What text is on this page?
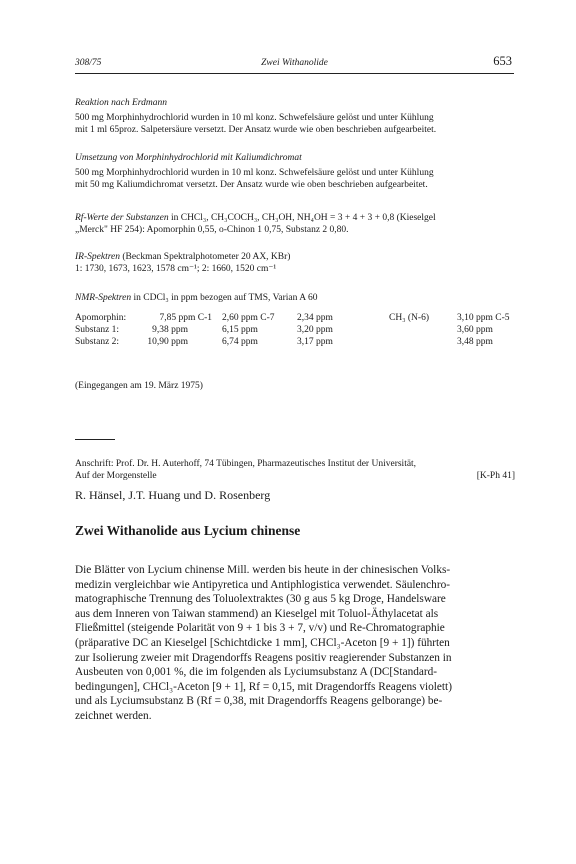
308/75	Zwei Withanolide	653
Reaktion nach Erdmann
500 mg Morphinhydrochlorid wurden in 10 ml konz. Schwefelsäure gelöst und unter Kühlung
mit 1 ml 65proz. Salpetersäure versetzt. Der Ansatz wurde wie oben beschrieben aufgearbeitet.
Umsetzung von Morphinhydrochlorid mit Kaliumdichromat
500 mg Morphinhydrochlorid wurden in 10 ml konz. Schwefelsäure gelöst und unter Kühlung
mit 50 mg Kaliumdichromat versetzt. Der Ansatz wurde wie oben beschrieben aufgearbeitet.
Rf-Werte der Substanzen in CHCl₃, CH₃COCH₃, CH₃OH, NH₄OH = 3 + 4 + 3 + 0,8 (Kieselgel
„Merck" HF 254): Apomorphin 0,55, o-Chinon 1 0,75, Substanz 2 0,80.
IR-Spektren (Beckman Spektralphotometer 20 AX, KBr)
1: 1730, 1673, 1623, 1578 cm⁻¹; 2: 1660, 1520 cm⁻¹
NMR-Spektren in CDCl₃ in ppm bezogen auf TMS, Varian A 60
Apomorphin:	7,85 ppm C-1	2,60 ppm C-7	2,34 ppm	CH₃ (N-6)	3,10 ppm C-5
Substanz 1:	9,38 ppm	6,15 ppm	3,20 ppm		3,60 ppm
Substanz 2:	10,90 ppm	6,74 ppm	3,17 ppm		3,48 ppm
(Eingegangen am 19. März 1975)
Anschrift: Prof. Dr. H. Auterhoff, 74 Tübingen, Pharmazeutisches Institut der Universität,
Auf der Morgenstelle	[K-Ph 41]
R. Hänsel, J.T. Huang und D. Rosenberg
Zwei Withanolide aus Lycium chinense
Die Blätter von Lycium chinense Mill. werden bis heute in der chinesischen Volks-
medizin vergleichbar wie Antipyretica und Antiphlogistica verwendet. Säulenchro-
matographische Trennung des Toluolextraktes (30 g aus 5 kg Droge, Handelsware
aus dem Inneren von Taiwan stammend) an Kieselgel mit Toluol-Äthylacetat als
Fließmittel (steigende Polarität von 9 + 1 bis 3 + 7, v/v) und Re-Chromatographie
(präparative DC an Kieselgel [Schichtdicke 1 mm], CHCl₃-Aceton [9 + 1]) führten
zur Isolierung zweier mit Dragendorffs Reagens positiv reagierender Substanzen in
Ausbeuten von 0,001 %, die im folgenden als Lyciumsubstanz A (DC[Standard-
bedingungen], CHCl₃-Aceton [9 + 1], Rf = 0,15, mit Dragendorffs Reagens violett)
und als Lyciumsubstanz B (Rf = 0,38, mit Dragendorffs Reagens gelborange) be-
zeichnet werden.
